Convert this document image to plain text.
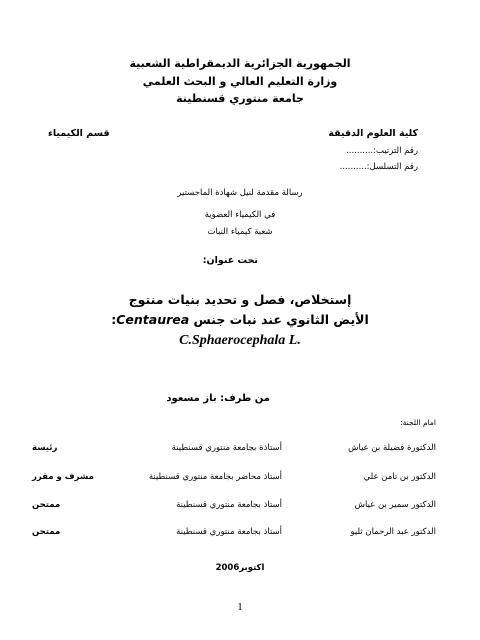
الجمهورية الجزائرية الديمقراطية الشعبية
وزارة التعليم العالي و البحث العلمي
جامعة منتوري قسنطينة
كلية العلوم الدقيقة
قسم الكيمياء
رقم الترتيب:..........
رقم التسلسل:..........
رسالة مقدمة لنيل شهادة الماجستير
في الكيمياء العضوية
شعبة كيمياء النبات
تحت عنوان:
إستخلاص، فصل و تحديد بنيات منتوج
الأيض الثانوي عند نبات جنس Centaurea:
C.Sphaerocephala L.
من طرف: باز مسعود
امام اللجنة:
الدكتورة فضيلة بن عياش
أستاذة بجامعة منتوري قسنطينة
رئيسة
الدكتور بن تامن علي
أستاذ محاضر بجامعة منتوري قسنطينة
مشرف و مقرر
الدكتور سمير بن عياش
أستاذ بجامعة منتوري قسنطينة
ممتحن
الدكتور عبد الرحمان ثليو
أستاذ بجامعة منتوري قسنطينة
ممتحن
اكتوبر2006
1
